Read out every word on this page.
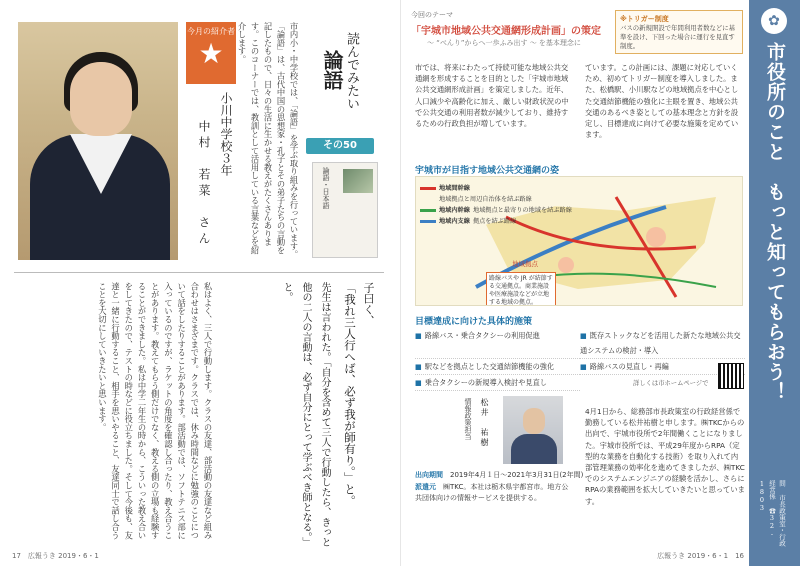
今月の紹介者
★
小川中学校３年
中村　若菜　さん	市内小・中学校では、「論語」を学ぶ取り組みを行っています。「論語」は、古代中国の思想家・孔子とその弟子たちの言動を記したもので、日々の生活に生かせる教えがたくさんあります。このコーナーでは、教訓として活用している言葉などを紹介します。	読んでみたい
論語
その50
論語・日本語
子曰く、
「我れ三人行へば、必ず我が師有り。」と。
先生は言われた。「自分を含めて三人で行動したら、きっと他の二人の言動は、必ず自分にとって学ぶべき師となる。」と。
私はよく、三人で行動します。クラスの友達、部活動の友達など組み合わせはさまざまです。クラスでは、休み時間などに勉強のことについて話をしたりすることがあります。部活動では、ソフトテニス部に入っているのですが、ラケットの角度を確認し合ったり、教え合うことがあります。教えてもらう側だけでなく、教える側の立場も経験することができました。私は中学二年生の時から、こういった教え合いをしてきたので、テストの時などに役立ちました。そして今後も、友達と一緒に行動すること、相手を思いやること、友達同士で話し合うことを大切にしていきたいと思います。
17　広報うき 2019・6・1
今回のテーマ
「宇城市地域公共交通網形成計画」の策定
〜 “べんり”からへ一歩ふみ出す 〜 を基本理念に
※トリガー制度
バスの新規開設で年間利用者数などに基準を設け、下回った場合に運行を見直す制度。
市では、将来にわたって持続可能な地域公共交通網を形成することを目的とした「宇城市地域公共交通網形成計画」を策定しました。近年、人口減少や高齢化に加え、厳しい財政状況の中で公共交通の利用者数が減少しており、維持するための行政負担が増しています。
ています。この計画には、課題に対応していくため、初めてトリガー制度を導入しました。また、松橋駅、小川駅などの地域拠点を中心とした交通結節機能の強化に主眼を置き、地域公共交通のあるべき姿としての基本理念と方針を設定し、目標達成に向けて必要な施策を定めています。
宇城市が目指す地域公共交通網の姿
地域間幹線
地域拠点と周辺自治体を結ぶ路線
地域内幹線 地域拠点と最寄りの地域を結ぶ路線
地域内支線 拠点を結ぶ路線
地域拠点
路線バスや JR が結節する交通拠点。商業施設や医療施設などが立地する地域の拠点。
目標達成に向けた具体的施策
■ 路線バス・乗合タクシーの利用促進	■ 既存ストックなどを活用した新たな地域公共交通システムの検討・導入
■ 駅などを拠点とした交通結節機能の強化	■ 路線バスの見直し・再編
■ 乗合タクシーの新規導入検討や見直し	詳しくは市ホームページで
情報政策担当 松井　祐樹
出向期間　 2019年4月１日〜2021年3月31日(2年間)
派遣元　 ㈱TKC。本社は栃木県宇都宮市。地方公共団体向けの情報サービスを提供する。
4月1日から、総務部市長政策室の行政経営係で勤務している松井祐樹と申します。㈱TKCからの出向で、宇城市役所で2年間働くことになりました。宇城市役所では、平成29年度からRPA（定型的な業務を自動化する技術）を取り入れて内部管理業務の効率化を進めてきましたが、㈱TKCでのシステムエンジニアの経験を活かし、さらにRPAの業務範囲を拡大していきたいと思っています。
広報うき 2019・6・1　16
✿
市役所のこと　もっと知ってもらおう！
問 市長政策室・行政経営係 ☎32-1803
